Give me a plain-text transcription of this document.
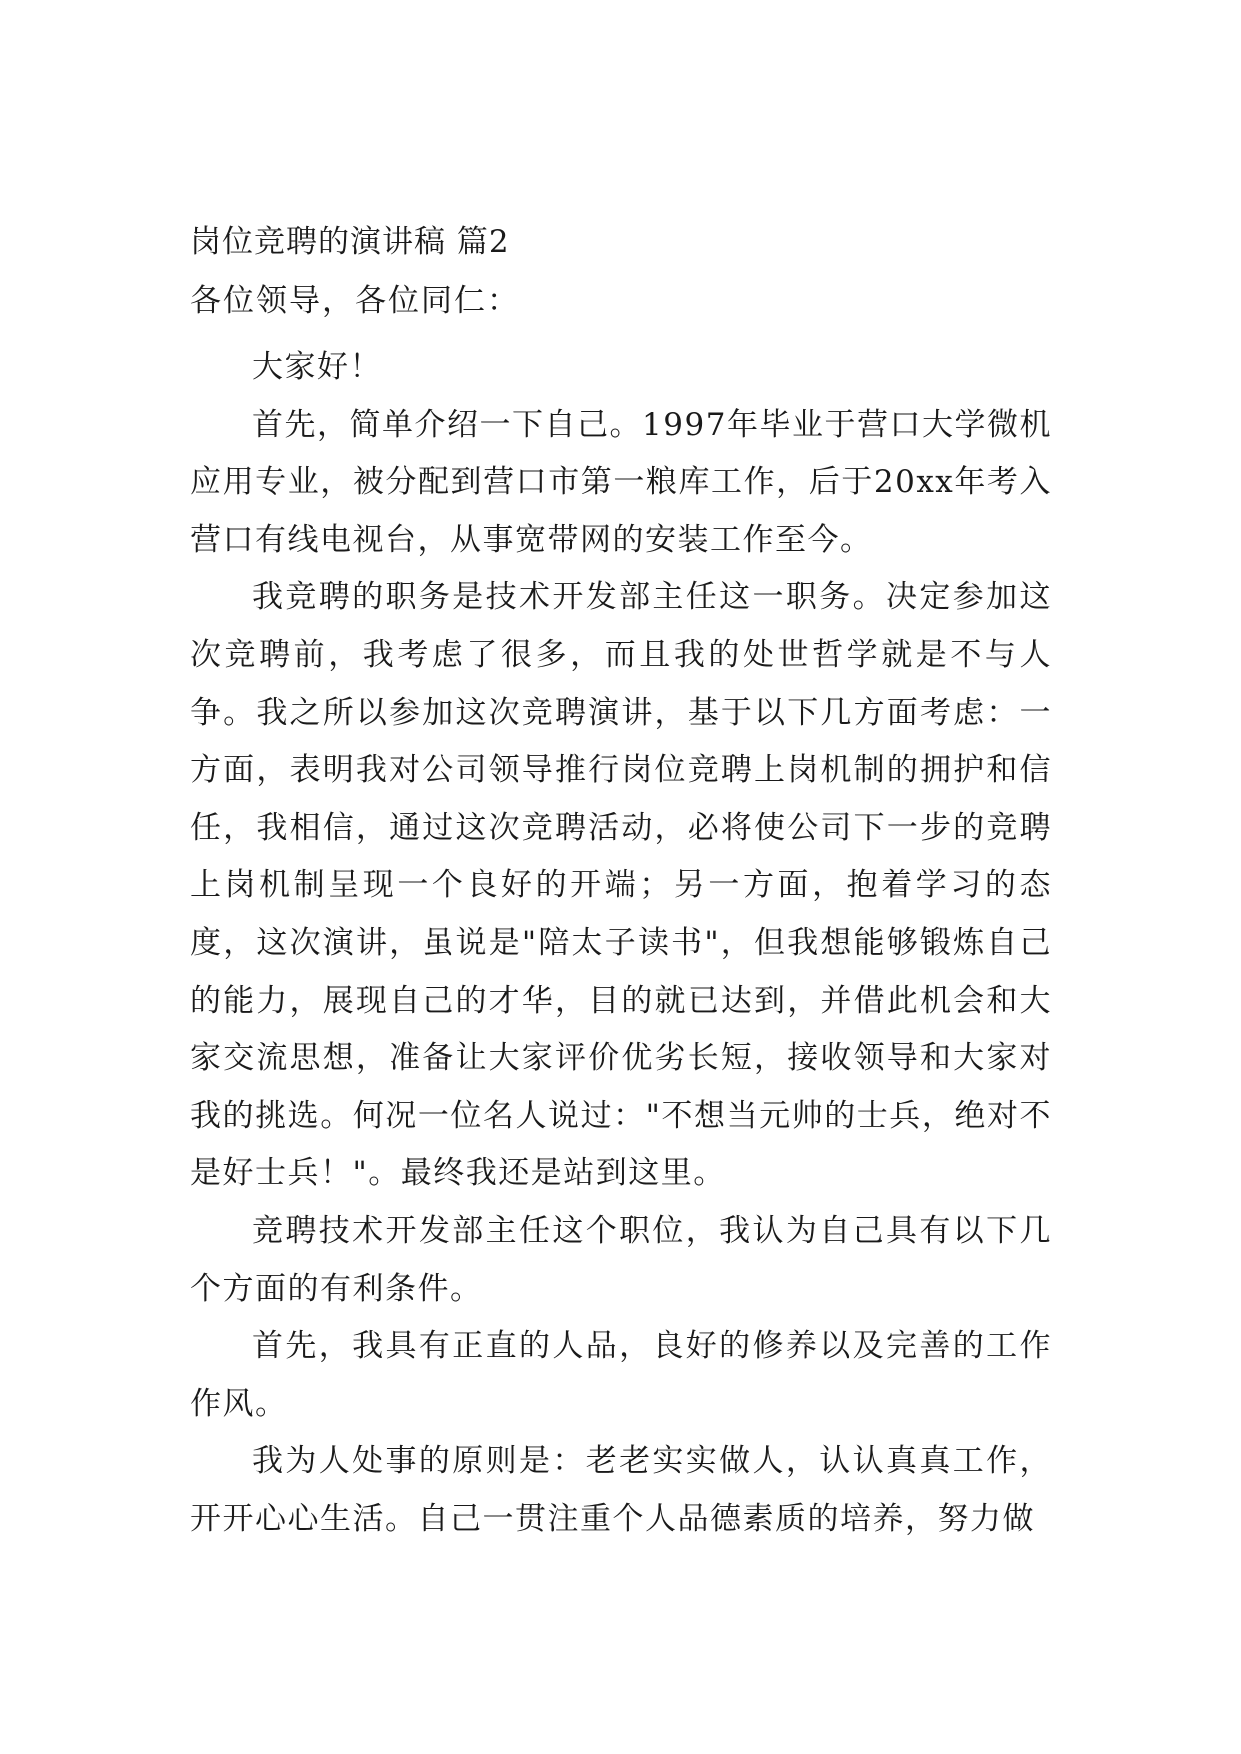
岗位竞聘的演讲稿 篇2
各位领导，各位同仁：

大家好！

首先，简单介绍一下自己。1997年毕业于营口大学微机应用专业，被分配到营口市第一粮库工作，后于20xx年考入营口有线电视台，从事宽带网的安装工作至今。

我竞聘的职务是技术开发部主任这一职务。决定参加这次竞聘前，我考虑了很多，而且我的处世哲学就是不与人争。我之所以参加这次竞聘演讲，基于以下几方面考虑：一方面，表明我对公司领导推行岗位竞聘上岗机制的拥护和信任，我相信，通过这次竞聘活动，必将使公司下一步的竞聘上岗机制呈现一个良好的开端；另一方面，抱着学习的态度，这次演讲，虽说是"陪太子读书"，但我想能够锻炼自己的能力，展现自己的才华，目的就已达到，并借此机会和大家交流思想，准备让大家评价优劣长短，接收领导和大家对我的挑选。何况一位名人说过："不想当元帅的士兵，绝对不是好士兵！"。最终我还是站到这里。

竞聘技术开发部主任这个职位，我认为自己具有以下几个方面的有利条件。

首先，我具有正直的人品，良好的修养以及完善的工作作风。

我为人处事的原则是：老老实实做人，认认真真工作，开开心心生活。自己一贯注重个人品德素质的培养，努力做
